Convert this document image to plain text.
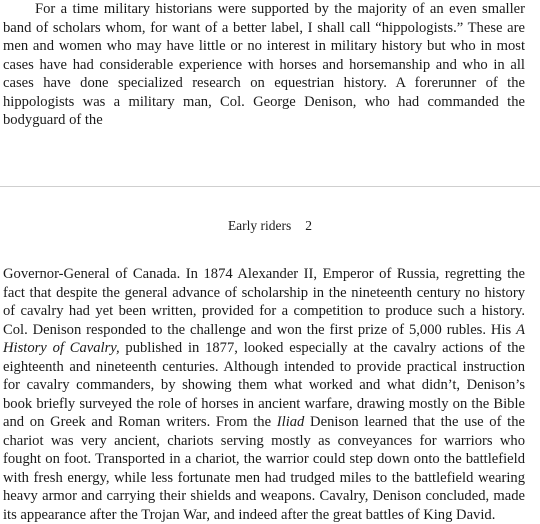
For a time military historians were supported by the majority of an even smaller band of scholars whom, for want of a better label, I shall call “hippologists.” These are men and women who may have little or no interest in military history but who in most cases have had considerable experience with horses and horsemanship and who in all cases have done specialized research on equestrian history. A forerunner of the hippologists was a military man, Col. George Denison, who had commanded the bodyguard of the

Early riders 2

Governor-General of Canada. In 1874 Alexander II, Emperor of Russia, regretting the fact that despite the general advance of scholarship in the nineteenth century no history of cavalry had yet been written, provided for a competition to produce such a history. Col. Denison responded to the challenge and won the first prize of 5,000 rubles. His A History of Cavalry, published in 1877, looked especially at the cavalry actions of the eighteenth and nineteenth centuries. Although intended to provide practical instruction for cavalry commanders, by showing them what worked and what didn’t, Denison’s book briefly surveyed the role of horses in ancient warfare, drawing mostly on the Bible and on Greek and Roman writers. From the Iliad Denison learned that the use of the chariot was very ancient, chariots serving mostly as conveyances for warriors who fought on foot. Transported in a chariot, the warrior could step down onto the battlefield with fresh energy, while less fortunate men had trudged miles to the battlefield wearing heavy armor and carrying their shields and weapons. Cavalry, Denison concluded, made its appearance after the Trojan War, and indeed after the great battles of King David.
